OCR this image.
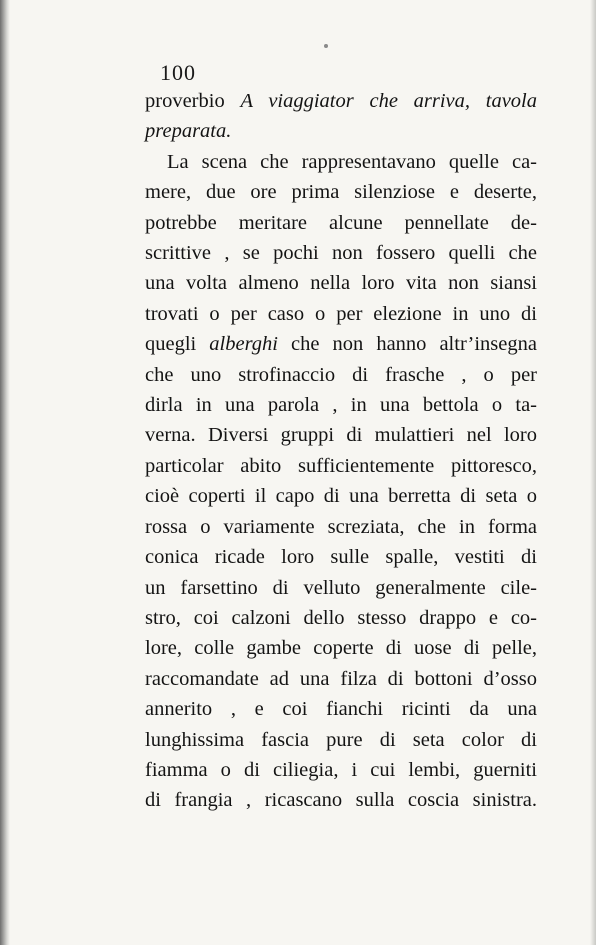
100
proverbio A viaggiator che arriva, tavola
preparata.
La scena che rappresentavano quelle ca-
mere, due ore prima silenziose e deserte,
potrebbe meritare alcune pennellate de-
scrittive , se pochi non fossero quelli che
una volta almeno nella loro vita non siansi
trovati o per caso o per elezione in uno di
quegli alberghi che non hanno altr’insegna
che uno strofinaccio di frasche , o per
dirla in una parola , in una bettola o ta-
verna. Diversi gruppi di mulattieri nel loro
particolar abito sufficientemente pittoresco,
cioè coperti il capo di una berretta di seta o
rossa o variamente screziata, che in forma
conica ricade loro sulle spalle, vestiti di
un farsettino di velluto generalmente cile-
stro, coi calzoni dello stesso drappo e co-
lore, colle gambe coperte di uose di pelle,
raccomandate ad una filza di bottoni d’osso
annerito , e coi fianchi ricinti da una
lunghissima fascia pure di seta color di
fiamma o di ciliegia, i cui lembi, guerniti
di frangia , ricascano sulla coscia sinistra.
